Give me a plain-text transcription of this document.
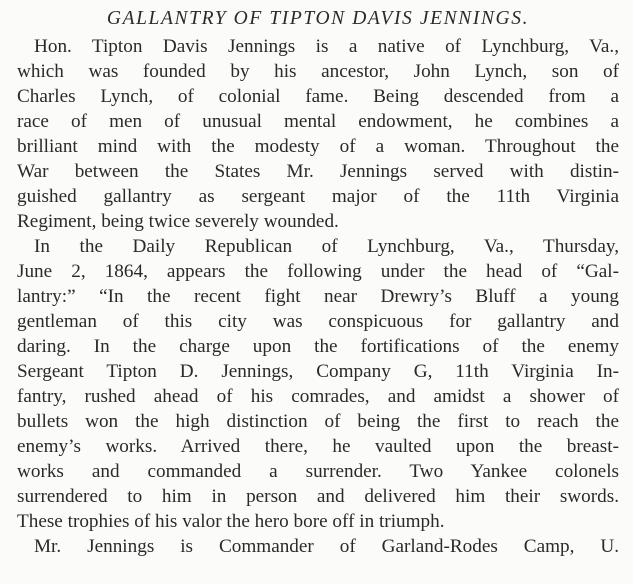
GALLANTRY OF TIPTON DAVIS JENNINGS.

Hon. Tipton Davis Jennings is a native of Lynchburg, Va.,
which was founded by his ancestor, John Lynch, son of
Charles Lynch, of colonial fame. Being descended from a
race of men of unusual mental endowment, he combines a
brilliant mind with the modesty of a woman. Throughout the
War between the States Mr. Jennings served with distin-
guished gallantry as sergeant major of the 11th Virginia
Regiment, being twice severely wounded.

In the Daily Republican of Lynchburg, Va., Thursday,
June 2, 1864, appears the following under the head of “Gal-
lantry:” “In the recent fight near Drewry’s Bluff a young
gentleman of this city was conspicuous for gallantry and
daring. In the charge upon the fortifications of the enemy
Sergeant Tipton D. Jennings, Company G, 11th Virginia In-
fantry, rushed ahead of his comrades, and amidst a shower of
bullets won the high distinction of being the first to reach the
enemy’s works. Arrived there, he vaulted upon the breast-
works and commanded a surrender. Two Yankee colonels
surrendered to him in person and delivered him their swords.
These trophies of his valor the hero bore off in triumph.

Mr. Jennings is Commander of Garland-Rodes Camp, U.
